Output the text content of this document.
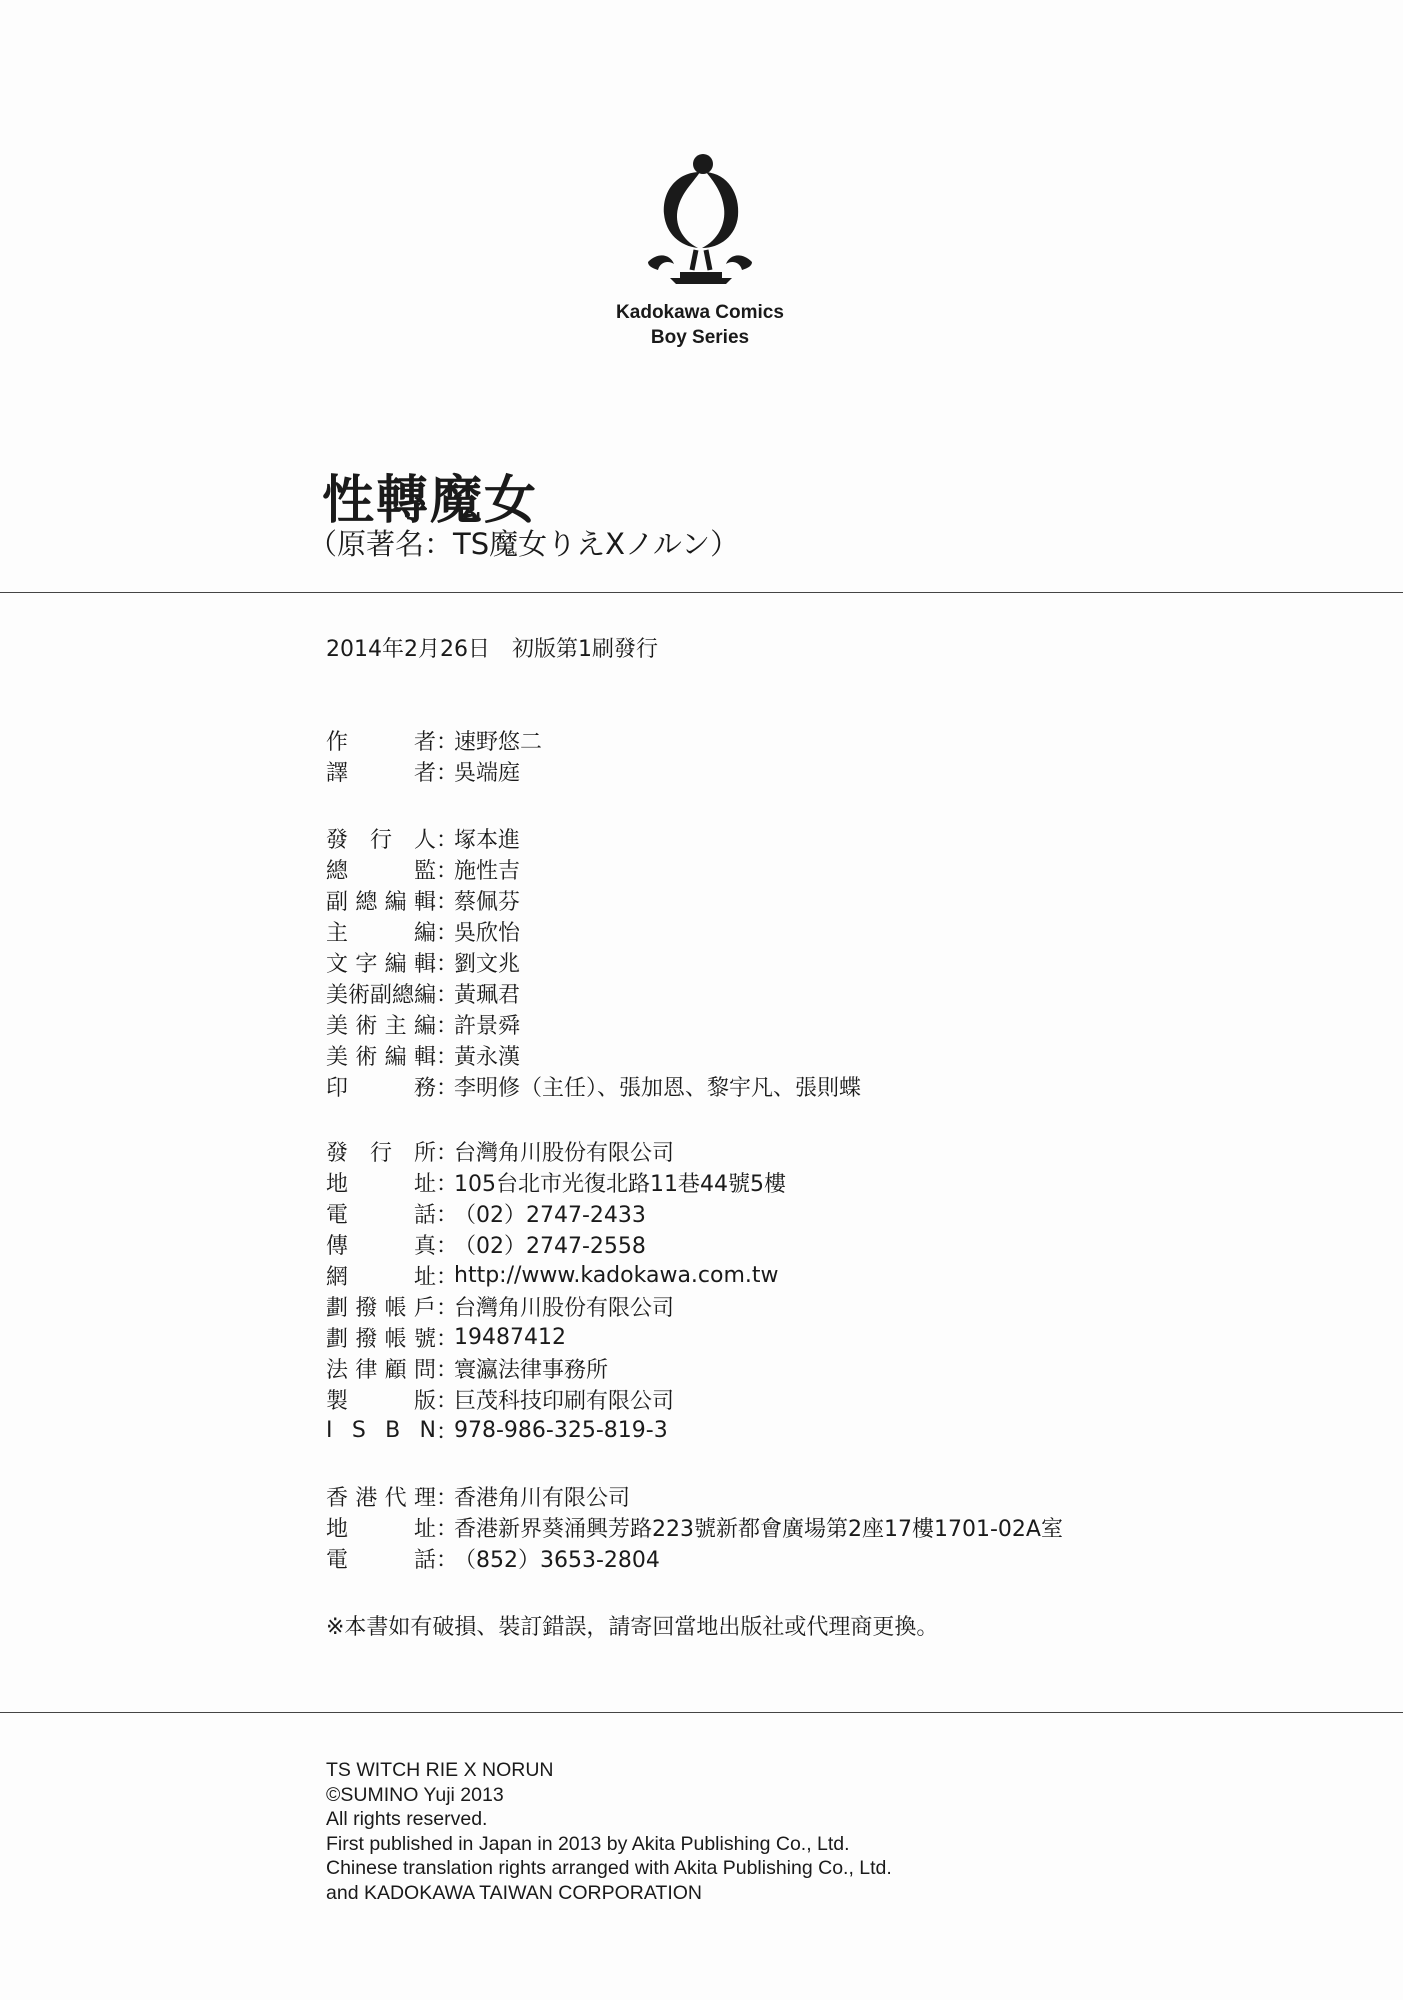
Kadokawa Comics
Boy Series
性轉魔女
（原著名：TS魔女りえXノルン）
2014年2月26日　初版第1刷發行
作	者 ：
速野悠二
譯	者 ：
吳端庭
發 行 人 ：
塚本進
總	監 ：
施性吉
副 總 編 輯 ：
蔡佩芬
主	編 ：
吳欣怡
文 字 編 輯 ：
劉文兆
美 術 副 總 編 ：
黃珮君
美 術 主 編 ：
許景舜
美 術 編 輯 ：
黃永漢
印	務 ：
李明修（主任）、張加恩、黎宇凡、張則蝶
發 行 所 ：
台灣角川股份有限公司
地	址 ：
105台北市光復北路11巷44號5樓
電	話 ：
（02）2747-2433
傳	真 ：
（02）2747-2558
網	址 ：
http://www.kadokawa.com.tw
劃 撥 帳 戶 ：
台灣角川股份有限公司
劃 撥 帳 號 ：
19487412
法 律 顧 問 ：
寰瀛法律事務所
製	版 ：
巨茂科技印刷有限公司
I S B N ：
978-986-325-819-3
香 港 代 理 ：
香港角川有限公司
地	址 ：
香港新界葵涌興芳路223號新都會廣場第2座17樓1701-02A室
電	話 ：
（852）3653-2804
※本書如有破損、裝訂錯誤，請寄回當地出版社或代理商更換。
TS WITCH RIE X NORUN
©SUMINO Yuji 2013
All rights reserved.
First published in Japan in 2013 by Akita Publishing Co., Ltd.
Chinese translation rights arranged with Akita Publishing Co., Ltd.
and KADOKAWA TAIWAN CORPORATION
